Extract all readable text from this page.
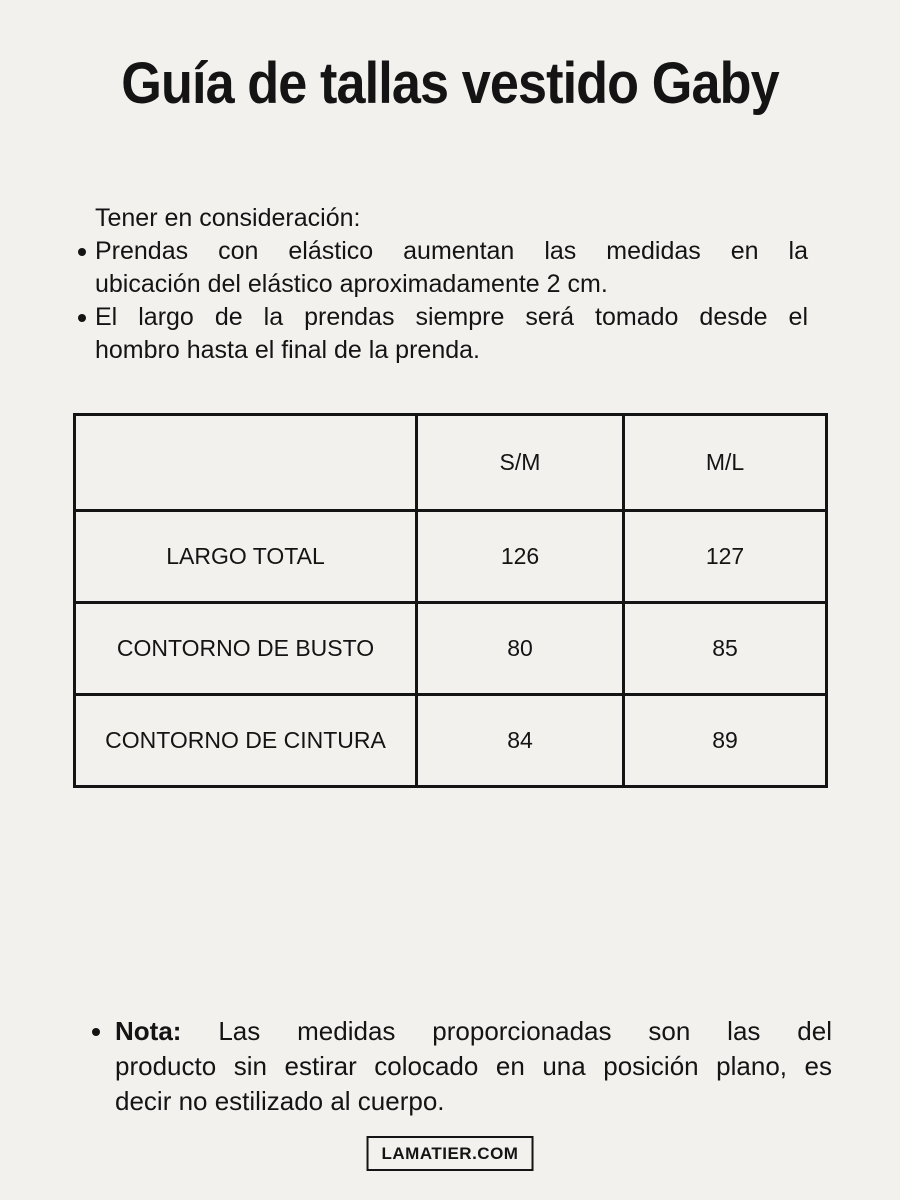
Guía de tallas vestido Gaby
Tener en consideración:
Prendas con elástico aumentan las medidas en la
ubicación del elástico aproximadamente 2 cm.
El largo de la prendas siempre será tomado desde el
hombro hasta el final de la prenda.
	S/M	M/L
LARGO TOTAL	126	127
CONTORNO DE BUSTO	80	85
CONTORNO DE CINTURA	84	89
Nota: Las medidas proporcionadas son las del
producto sin estirar colocado en una posición plano, es
decir no estilizado al cuerpo.
LAMATIER.COM
